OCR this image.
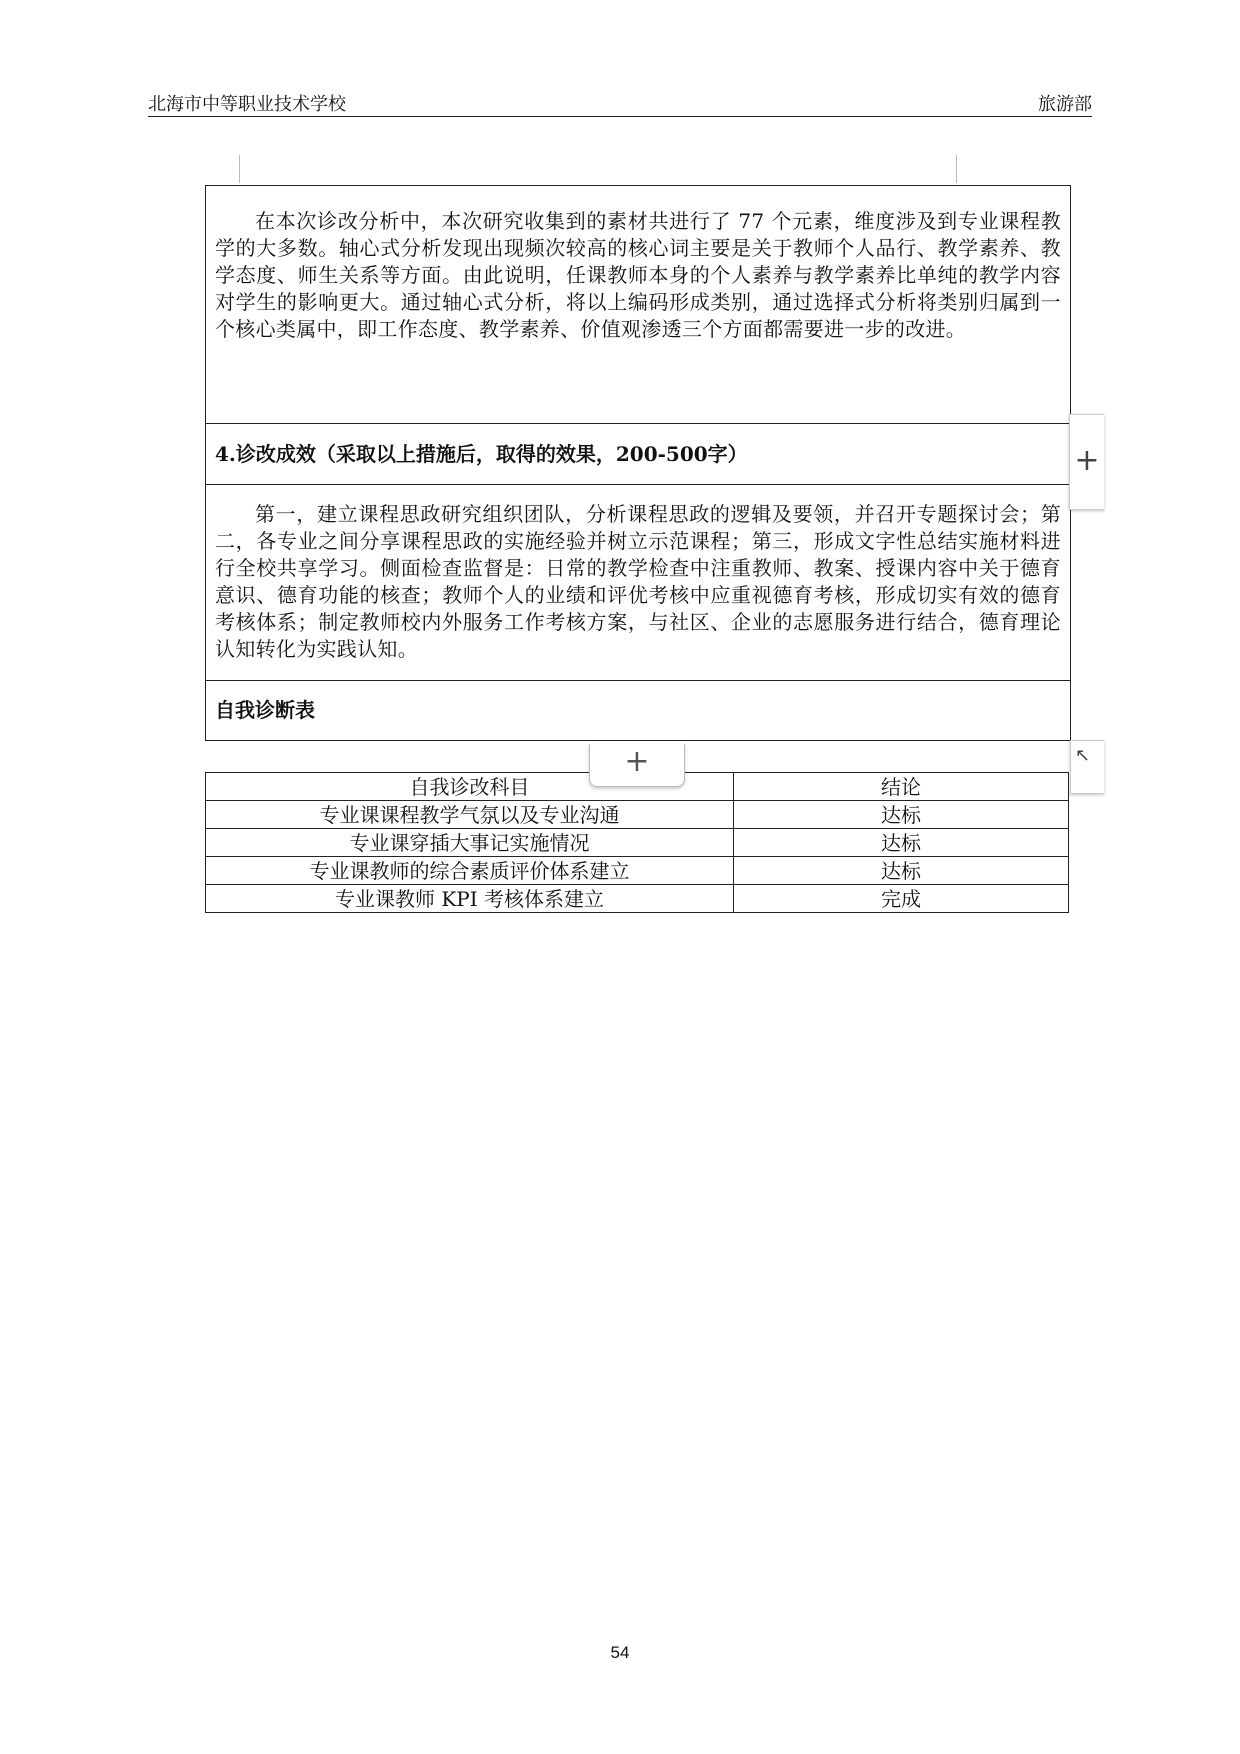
北海市中等职业技术学校	旅游部

在本次诊改分析中，本次研究收集到的素材共进行了 77 个元素，维度涉及到专业课程教学的大多数。轴心式分析发现出现频次较高的核心词主要是关于教师个人品行、教学素养、教学态度、师生关系等方面。由此说明，任课教师本身的个人素养与教学素养比单纯的教学内容对学生的影响更大。通过轴心式分析，将以上编码形成类别，通过选择式分析将类别归属到一个核心类属中，即工作态度、教学素养、价值观渗透三个方面都需要进一步的改进。

4.诊改成效（采取以上措施后，取得的效果，200-500字）

第一，建立课程思政研究组织团队，分析课程思政的逻辑及要领，并召开专题探讨会；第二，各专业之间分享课程思政的实施经验并树立示范课程；第三，形成文字性总结实施材料进行全校共享学习。侧面检查监督是：日常的教学检查中注重教师、教案、授课内容中关于德育意识、德育功能的核查；教师个人的业绩和评优考核中应重视德育考核，形成切实有效的德育考核体系；制定教师校内外服务工作考核方案，与社区、企业的志愿服务进行结合，德育理论认知转化为实践认知。

自我诊断表
+
↖
自我诊改科目	结论
专业课课程教学气氛以及专业沟通	达标
专业课穿插大事记实施情况	达标
专业课教师的综合素质评价体系建立	达标
专业课教师 KPI 考核体系建立	完成
+
54
